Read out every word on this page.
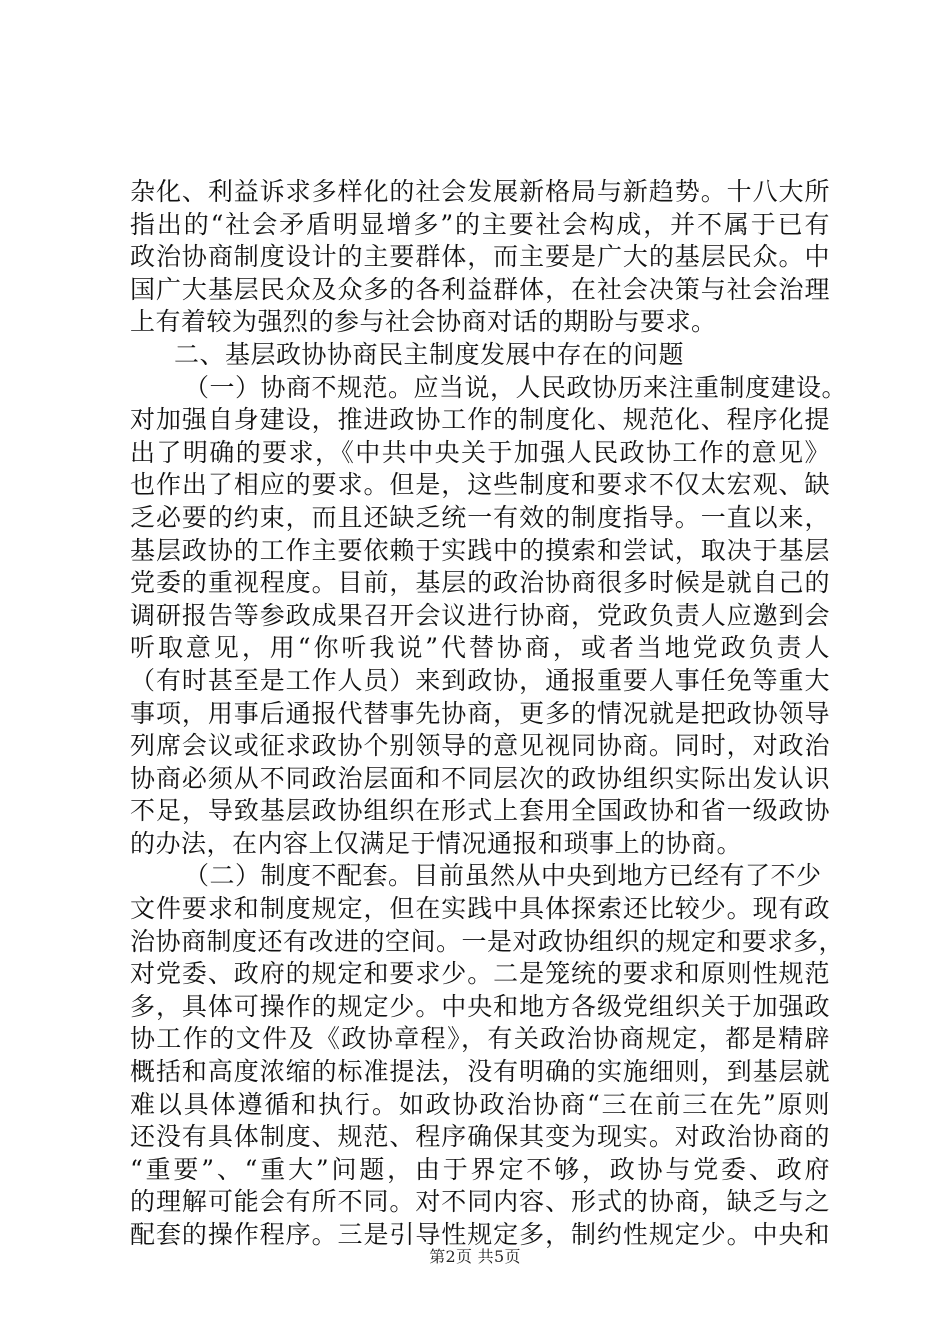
杂化、利益诉求多样化的社会发展新格局与新趋势。十八大所
指出的“社会矛盾明显增多”的主要社会构成，并不属于已有
政治协商制度设计的主要群体，而主要是广大的基层民众。中
国广大基层民众及众多的各利益群体，在社会决策与社会治理
上有着较为强烈的参与社会协商对话的期盼与要求。
二、基层政协协商民主制度发展中存在的问题
（一）协商不规范。应当说，人民政协历来注重制度建设。
对加强自身建设，推进政协工作的制度化、规范化、程序化提
出了明确的要求，《中共中央关于加强人民政协工作的意见》
也作出了相应的要求。但是，这些制度和要求不仅太宏观、缺
乏必要的约束，而且还缺乏统一有效的制度指导。一直以来，
基层政协的工作主要依赖于实践中的摸索和尝试，取决于基层
党委的重视程度。目前，基层的政治协商很多时候是就自己的
调研报告等参政成果召开会议进行协商，党政负责人应邀到会
听取意见，用“你听我说”代替协商，或者当地党政负责人
（有时甚至是工作人员）来到政协，通报重要人事任免等重大
事项，用事后通报代替事先协商，更多的情况就是把政协领导
列席会议或征求政协个别领导的意见视同协商。同时，对政治
协商必须从不同政治层面和不同层次的政协组织实际出发认识
不足，导致基层政协组织在形式上套用全国政协和省一级政协
的办法，在内容上仅满足于情况通报和琐事上的协商。
（二）制度不配套。目前虽然从中央到地方已经有了不少
文件要求和制度规定，但在实践中具体探索还比较少。现有政
治协商制度还有改进的空间。一是对政协组织的规定和要求多，
对党委、政府的规定和要求少。二是笼统的要求和原则性规范
多，具体可操作的规定少。中央和地方各级党组织关于加强政
协工作的文件及《政协章程》，有关政治协商规定，都是精辟
概括和高度浓缩的标准提法，没有明确的实施细则，到基层就
难以具体遵循和执行。如政协政治协商“三在前三在先”原则
还没有具体制度、规范、程序确保其变为现实。对政治协商的
“重要”、“重大”问题，由于界定不够，政协与党委、政府
的理解可能会有所不同。对不同内容、形式的协商，缺乏与之
配套的操作程序。三是引导性规定多，制约性规定少。中央和
第2页 共5页
